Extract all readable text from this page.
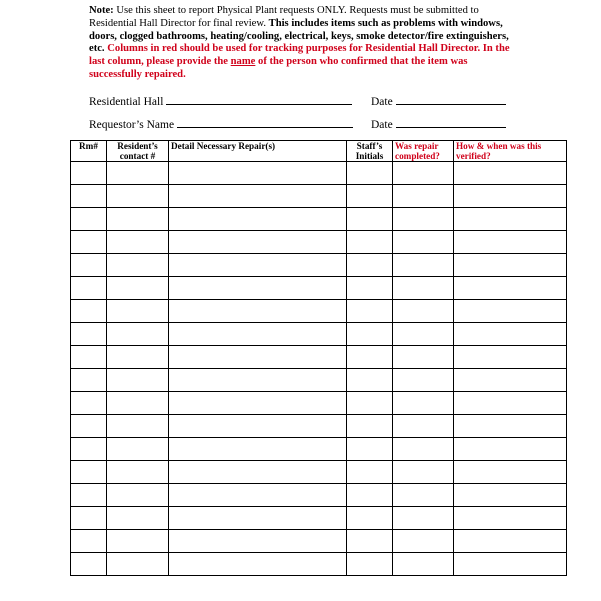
Note: Use this sheet to report Physical Plant requests ONLY. Requests must be submitted to Residential Hall Director for final review. This includes items such as problems with windows, doors, clogged bathrooms, heating/cooling, electrical, keys, smoke detector/fire extinguishers, etc. Columns in red should be used for tracking purposes for Residential Hall Director. In the last column, please provide the name of the person who confirmed that the item was successfully repaired.
Residential Hall	Date
Requestor’s Name	Date
Rm#	Resident’s contact #	Detail Necessary Repair(s)	Staff’s Initials	Was repair completed?	How & when was this verified?
